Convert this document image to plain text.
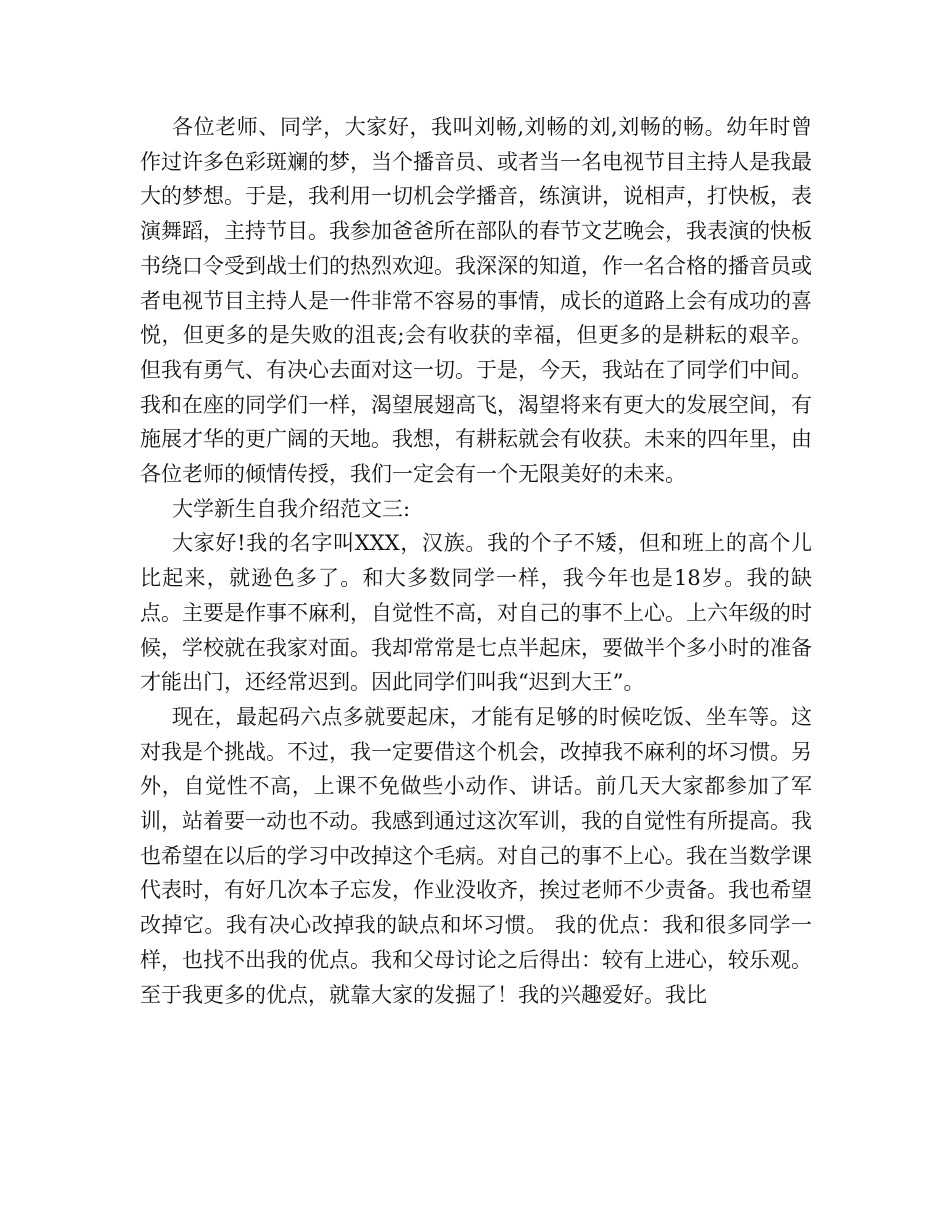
各位老师、同学，大家好，我叫刘畅,刘畅的刘,刘畅的畅。幼年时曾作过许多色彩斑斓的梦，当个播音员、或者当一名电视节目主持人是我最大的梦想。于是，我利用一切机会学播音，练演讲，说相声，打快板，表演舞蹈，主持节目。我参加爸爸所在部队的春节文艺晚会，我表演的快板书绕口令受到战士们的热烈欢迎。我深深的知道，作一名合格的播音员或者电视节目主持人是一件非常不容易的事情，成长的道路上会有成功的喜悦，但更多的是失败的沮丧;会有收获的幸福，但更多的是耕耘的艰辛。但我有勇气、有决心去面对这一切。于是，今天，我站在了同学们中间。我和在座的同学们一样，渴望展翅高飞，渴望将来有更大的发展空间，有施展才华的更广阔的天地。我想，有耕耘就会有收获。未来的四年里，由各位老师的倾情传授，我们一定会有一个无限美好的未来。

大学新生自我介绍范文三:

大家好!我的名字叫XXX，汉族。我的个子不矮，但和班上的高个儿比起来，就逊色多了。和大多数同学一样，我今年也是18岁。我的缺点。主要是作事不麻利，自觉性不高，对自己的事不上心。上六年级的时候，学校就在我家对面。我却常常是七点半起床，要做半个多小时的准备才能出门，还经常迟到。因此同学们叫我“迟到大王”。

现在，最起码六点多就要起床，才能有足够的时候吃饭、坐车等。这对我是个挑战。不过，我一定要借这个机会，改掉我不麻利的坏习惯。另外，自觉性不高，上课不免做些小动作、讲话。前几天大家都参加了军训，站着要一动也不动。我感到通过这次军训，我的自觉性有所提高。我也希望在以后的学习中改掉这个毛病。对自己的事不上心。我在当数学课代表时，有好几次本子忘发，作业没收齐，挨过老师不少责备。我也希望改掉它。我有决心改掉我的缺点和坏习惯。 我的优点：我和很多同学一样，也找不出我的优点。我和父母讨论之后得出：较有上进心，较乐观。至于我更多的优点，就靠大家的发掘了！我的兴趣爱好。我比
